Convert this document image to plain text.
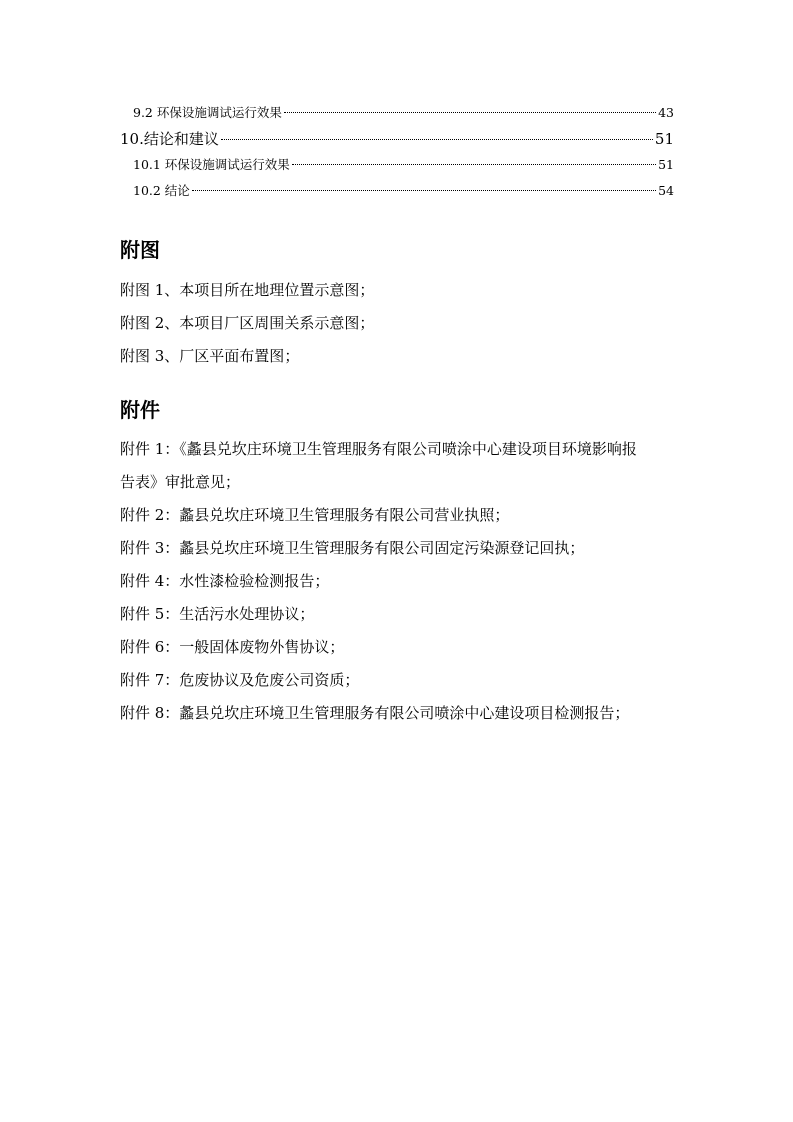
9.2 环保设施调试运行效果	43
10.结论和建议	51
10.1 环保设施调试运行效果	51
10.2 结论	54
附图
附图 1、本项目所在地理位置示意图；
附图 2、本项目厂区周围关系示意图；
附图 3、厂区平面布置图；
附件
附件 1：《蠡县兑坎庄环境卫生管理服务有限公司喷涂中心建设项目环境影响报
告表》审批意见；
附件 2：蠡县兑坎庄环境卫生管理服务有限公司营业执照；
附件 3：蠡县兑坎庄环境卫生管理服务有限公司固定污染源登记回执；
附件 4：水性漆检验检测报告；
附件 5：生活污水处理协议；
附件 6：一般固体废物外售协议；
附件 7：危废协议及危废公司资质；
附件 8：蠡县兑坎庄环境卫生管理服务有限公司喷涂中心建设项目检测报告；
